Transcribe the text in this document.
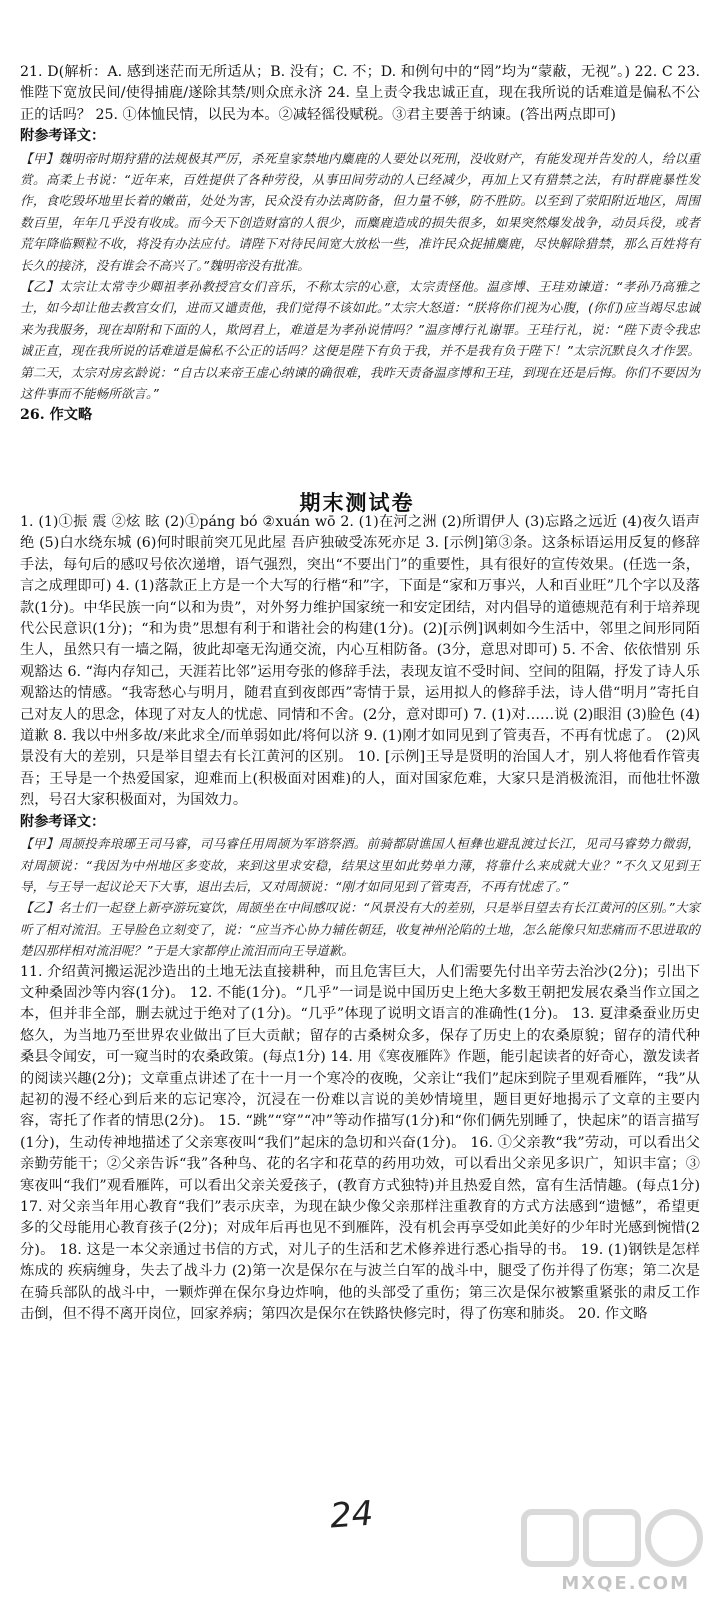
21. D(解析：A. 感到迷茫而无所适从；B. 没有；C. 不；D. 和例句中的“罔”均为“蒙蔽，无视”。) 22. C 23. 惟陛下宽放民间/使得捕鹿/遂除其禁/则众庶永济 24. 皇上责令我忠诚正直，现在我所说的话难道是偏私不公正的话吗？ 25. ①体恤民情，以民为本。②减轻徭役赋税。③君主要善于纳谏。(答出两点即可)

附参考译文：

【甲】魏明帝时期狩猎的法规极其严厉，杀死皇家禁地内麋鹿的人要处以死刑，没收财产，有能发现并告发的人，给以重赏。高柔上书说：“近年来，百姓提供了各种劳役，从事田间劳动的人已经减少，再加上又有猎禁之法，有时群鹿暴性发作，食吃毁坏地里长着的嫩苗，处处为害，民众没有办法离防备，但力量不够，防不胜防。以至到了荥阳附近地区，周围数百里，年年几乎没有收成。而今天下创造财富的人很少，而麋鹿造成的损失很多，如果突然爆发战争，动员兵役，或者荒年降临颗粒不收，将没有办法应付。请陛下对待民间宽大放松一些，准许民众捉捕麋鹿，尽快解除猎禁，那么百姓将有长久的接济，没有谁会不高兴了。”魏明帝没有批准。

【乙】太宗让太常寺少卿祖孝孙教授宫女们音乐，不称太宗的心意，太宗责怪他。温彦博、王珪劝谏道：“孝孙乃高雅之士，如今却让他去教宫女们，进而又谴责他，我们觉得不该如此。”太宗大怒道：“朕将你们视为心腹，(你们)应当竭尽忠诚来为我服务，现在却附和下面的人，欺罔君上，难道是为孝孙说情吗？”温彦博行礼谢罪。王珪行礼，说：“陛下责令我忠诚正直，现在我所说的话难道是偏私不公正的话吗？这便是陛下有负于我，并不是我有负于陛下！”太宗沉默良久才作罢。第二天，太宗对房玄龄说：“自古以来帝王虚心纳谏的确很难，我昨天责备温彦博和王珪，到现在还是后悔。你们不要因为这件事而不能畅所欲言。”

26. 作文略

期末测试卷

1. (1)①振 震 ②炫 眩 (2)①páng bó ②xuán wō 2. (1)在河之洲 (2)所谓伊人 (3)忘路之远近 (4)夜久语声绝 (5)白水绕东城 (6)何时眼前突兀见此屋 吾庐独破受冻死亦足 3. [示例]第③条。这条标语运用反复的修辞手法，每句后的感叹号依次递增，语气强烈，突出“不要出门”的重要性，具有很好的宣传效果。(任选一条，言之成理即可) 4. (1)落款正上方是一个大写的行楷“和”字，下面是“家和万事兴，人和百业旺”几个字以及落款(1分)。中华民族一向“以和为贵”，对外努力维护国家统一和安定团结，对内倡导的道德规范有利于培养现代公民意识(1分)；“和为贵”思想有利于和谐社会的构建(1分)。(2)[示例]讽刺如今生活中，邻里之间形同陌生人，虽然只有一墙之隔，彼此却毫无沟通交流，内心互相防备。(3分，意思对即可) 5. 不舍、依依惜别 乐观豁达 6. “海内存知己，天涯若比邻”运用夸张的修辞手法，表现友谊不受时间、空间的阻隔，抒发了诗人乐观豁达的情感。“我寄愁心与明月，随君直到夜郎西”寄情于景，运用拟人的修辞手法，诗人借“明月”寄托自己对友人的思念，体现了对友人的忧虑、同情和不舍。(2分，意对即可) 7. (1)对……说 (2)眼泪 (3)脸色 (4)道歉 8. 我以中州多故/来此求全/而单弱如此/将何以济 9. (1)刚才如同见到了管夷吾，不再有忧虑了。 (2)风景没有大的差别，只是举目望去有长江黄河的区别。 10. [示例]王导是贤明的治国人才，别人将他看作管夷吾；王导是一个热爱国家，迎难而上(积极面对困难)的人，面对国家危难，大家只是消极流泪，而他壮怀激烈，号召大家积极面对，为国效力。

附参考译文：

【甲】周颉投奔琅琊王司马睿，司马睿任用周颉为军谘祭酒。前骑都尉谯国人桓彝也避乱渡过长江，见司马睿势力微弱，对周颉说：“我因为中州地区多变故，来到这里求安稳，结果这里如此势单力薄，将靠什么来成就大业？”不久又见到王导，与王导一起议论天下大事，退出去后，又对周颉说：“刚才如同见到了管夷吾，不再有忧虑了。”

【乙】名士们一起登上新亭游玩宴饮，周颉坐在中间感叹说：“风景没有大的差别，只是举目望去有长江黄河的区别。”大家听了相对流泪。王导脸色立刻变了，说：“应当齐心协力辅佐朝廷，收复神州沦陷的土地，怎么能像只知悲痛而不思进取的楚囚那样相对流泪呢？”于是大家都停止流泪而向王导道歉。

11. 介绍黄河搬运泥沙造出的土地无法直接耕种，而且危害巨大，人们需要先付出辛劳去治沙(2分)；引出下文种桑固沙等内容(1分)。 12. 不能(1分)。“几乎”一词是说中国历史上绝大多数王朝把发展农桑当作立国之本，但并非全部，删去就过于绝对了(1分)。“几乎”体现了说明文语言的准确性(1分)。 13. 夏津桑蚕业历史悠久，为当地乃至世界农业做出了巨大贡献；留存的古桑树众多，保存了历史上的农桑原貌；留存的清代种桑县令闻安，可一窥当时的农桑政策。(每点1分) 14. 用《寒夜雁阵》作题，能引起读者的好奇心，激发读者的阅读兴趣(2分)；文章重点讲述了在十一月一个寒冷的夜晚，父亲让“我们”起床到院子里观看雁阵，“我”从起初的漫不经心到后来的忘记寒冷，沉浸在一份难以言说的美妙情境里，题目更好地揭示了文章的主要内容，寄托了作者的情思(2分)。 15. “跳”“穿”“冲”等动作描写(1分)和“你们俩先别睡了，快起床”的语言描写(1分)，生动传神地描述了父亲寒夜叫“我们”起床的急切和兴奋(1分)。 16. ①父亲教“我”劳动，可以看出父亲勤劳能干；②父亲告诉“我”各种鸟、花的名字和花草的药用功效，可以看出父亲见多识广，知识丰富；③寒夜叫“我们”观看雁阵，可以看出父亲关爱孩子，(教育方式独特)并且热爱自然，富有生活情趣。(每点1分) 17. 对父亲当年用心教育“我们”表示庆幸，为现在缺少像父亲那样注重教育的方式方法感到“遗憾”，希望更多的父母能用心教育孩子(2分)；对成年后再也见不到雁阵，没有机会再享受如此美好的少年时光感到惋惜(2分)。 18. 这是一本父亲通过书信的方式，对儿子的生活和艺术修养进行悉心指导的书。 19. (1)钢铁是怎样炼成的 疾病缠身，失去了战斗力 (2)第一次是保尔在与波兰白军的战斗中，腿受了伤并得了伤寒；第二次是在骑兵部队的战斗中，一颗炸弹在保尔身边炸响，他的头部受了重伤；第三次是保尔被繁重紧张的肃反工作击倒，但不得不离开岗位，回家养病；第四次是保尔在铁路快修完时，得了伤寒和肺炎。 20. 作文略

24
MXQE.COM
